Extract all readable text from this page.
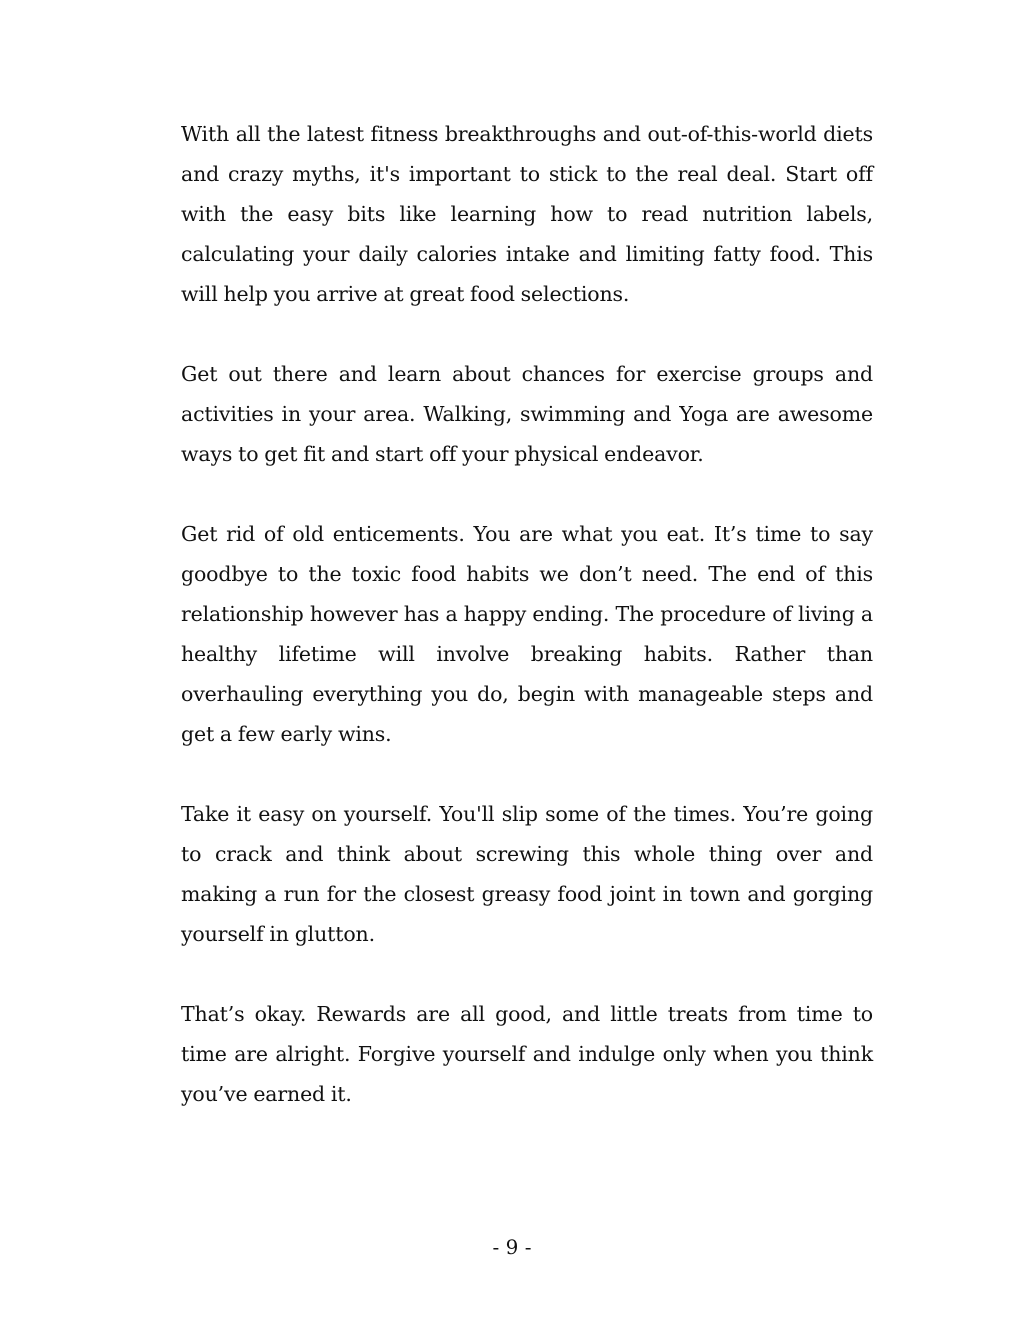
With all the latest fitness breakthroughs and out-of-this-world diets and crazy myths, it's important to stick to the real deal. Start off with the easy bits like learning how to read nutrition labels, calculating your daily calories intake and limiting fatty food. This will help you arrive at great food selections.

Get out there and learn about chances for exercise groups and activities in your area. Walking, swimming and Yoga are awesome ways to get fit and start off your physical endeavor.

Get rid of old enticements. You are what you eat. It’s time to say goodbye to the toxic food habits we don’t need. The end of this relationship however has a happy ending. The procedure of living a healthy lifetime will involve breaking habits. Rather than overhauling everything you do, begin with manageable steps and get a few early wins.

Take it easy on yourself. You'll slip some of the times. You’re going to crack and think about screwing this whole thing over and making a run for the closest greasy food joint in town and gorging yourself in glutton.

That’s okay. Rewards are all good, and little treats from time to time are alright. Forgive yourself and indulge only when you think you’ve earned it.

- 9 -
